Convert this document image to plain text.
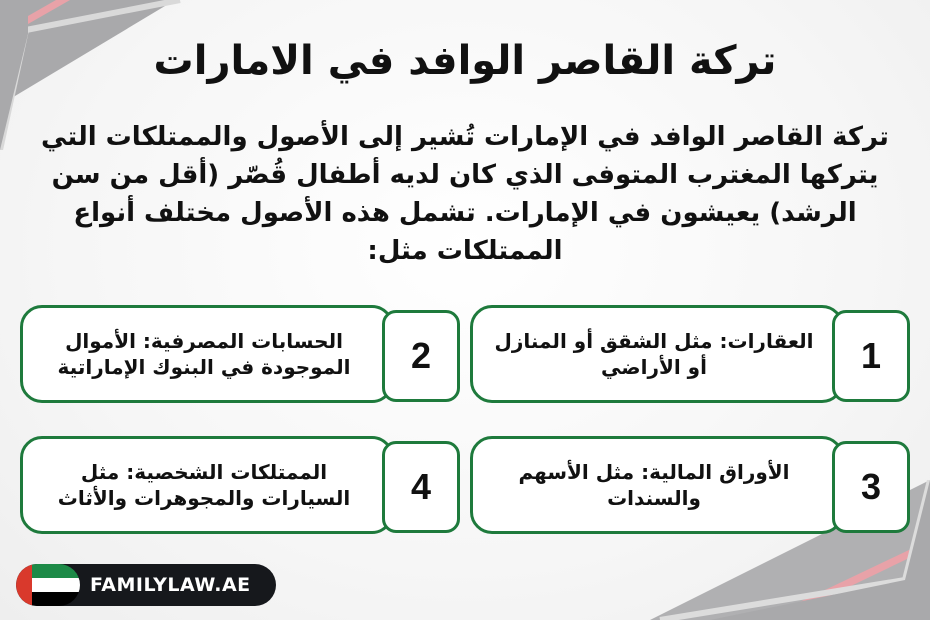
تركة القاصر الوافد في الامارات

تركة القاصر الوافد في الإمارات تُشير إلى الأصول والممتلكات التي يتركها المغترب المتوفى الذي كان لديه أطفال قُصّر (أقل من سن الرشد) يعيشون في الإمارات. تشمل هذه الأصول مختلف أنواع الممتلكات مثل:

العقارات: مثل الشقق أو المنازل أو الأراضي	1
الحسابات المصرفية: الأموال الموجودة في البنوك الإماراتية	2
الأوراق المالية: مثل الأسهم والسندات	3
الممتلكات الشخصية: مثل السيارات والمجوهرات والأثاث	4
FAMILYLAW.AE
